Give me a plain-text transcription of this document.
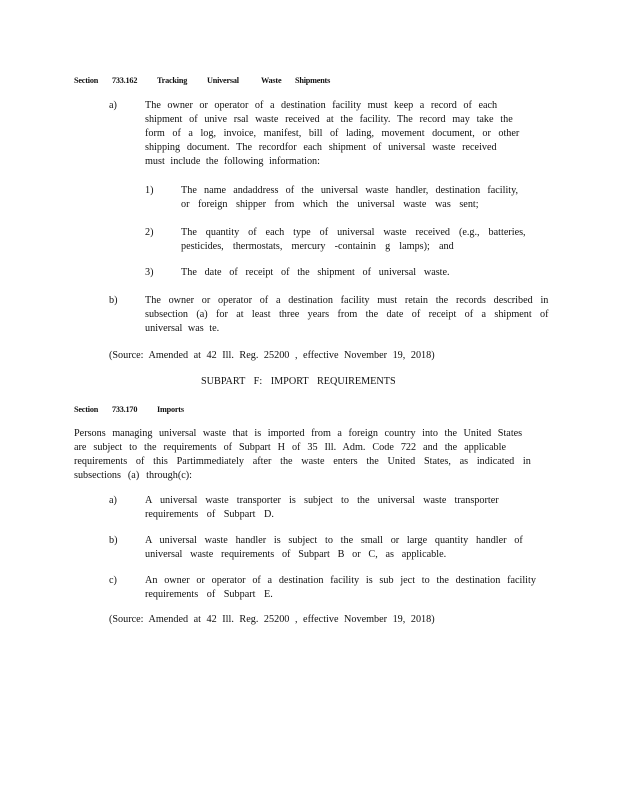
Section 733.162 Tracking Universal	Waste Shipments
a)	The owner or operator of a destination facility must keep a record of each
shipment of unive rsal waste received at the facility. The record may take the
form of a log, invoice, manifest, bill of lading, movement document, or other
shipping document. The recordfor each shipment of universal waste received
must include the following information:
1)	The name andaddress of the universal waste handler, destination facility,
or foreign shipper from which the universal waste was sent;
2)	The quantity of each type of universal waste received (e.g., batteries,
pesticides, thermostats, mercury -containin g lamps); and
3)	The date of receipt of the shipment of universal waste.
b)	The owner or operator of a destination facility must retain the records described in
subsection (a) for at least three years from the date of receipt of a shipment of
universal was te.
(Source: Amended at 42 Ill. Reg. 25200 , effective November 19, 2018)
SUBPART F: IMPORT REQUIREMENTS
Section 733.170 Imports
Persons managing universal waste that is imported from a foreign country into the United States
are subject to the requirements of Subpart H of 35 Ill. Adm. Code 722 and the applicable
requirements of this Partimmediately after the waste enters the United States, as indicated in
subsections (a) through(c):
a)	A universal waste transporter is subject to the universal waste transporter
requirements of Subpart D.
b)	A universal waste handler is subject to the small or large quantity handler of
universal waste requirements of Subpart B or C, as applicable.
c)	An owner or operator of a destination facility is sub ject to the destination facility
requirements of Subpart E.
(Source: Amended at 42 Ill. Reg. 25200 , effective November 19, 2018)
